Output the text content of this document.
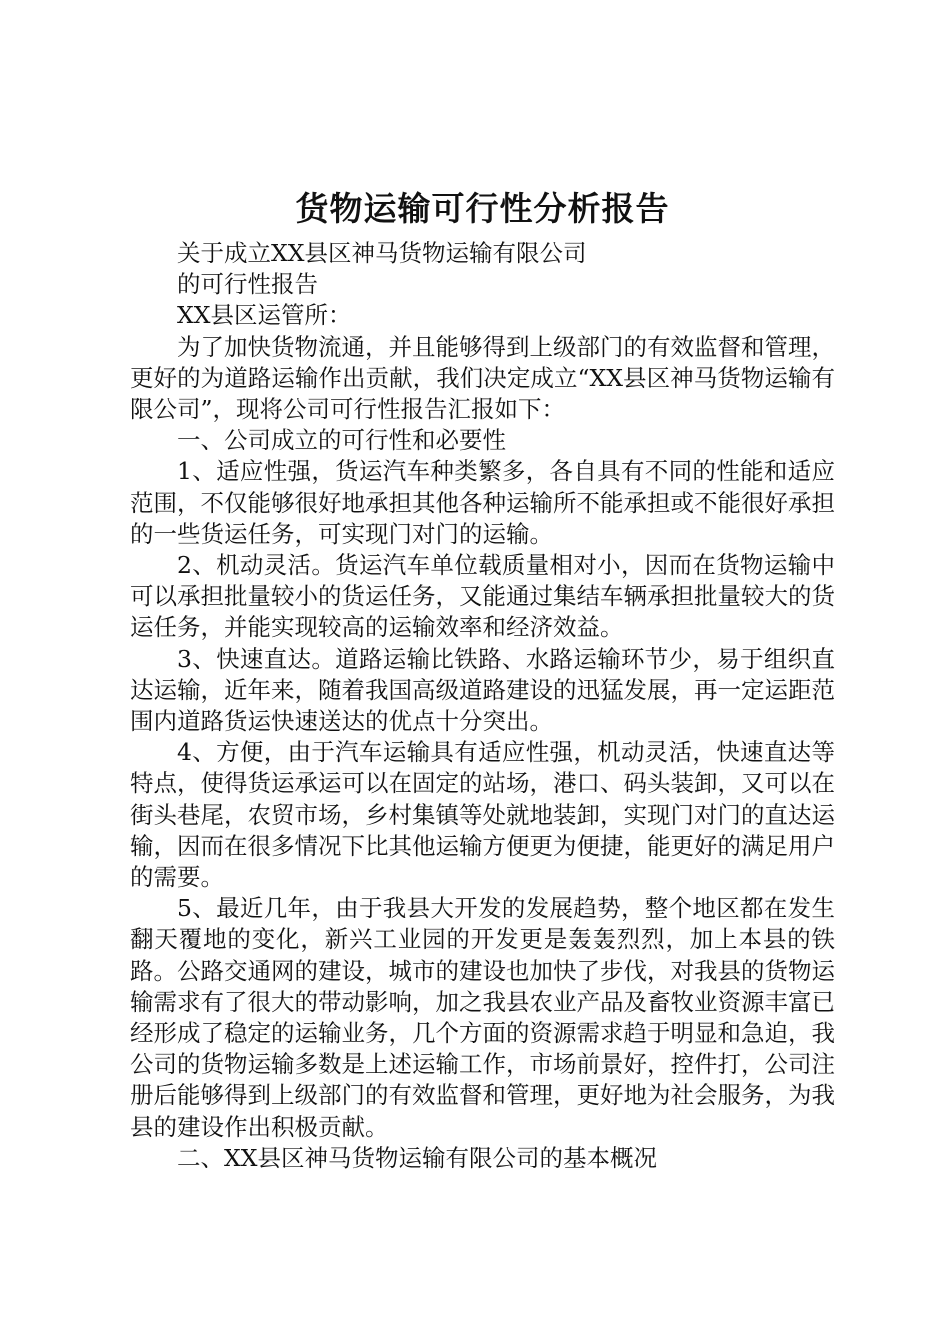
货物运输可行性分析报告

关于成立XX县区神马货物运输有限公司

的可行性报告

XX县区运管所：

为了加快货物流通，并且能够得到上级部门的有效监督和管理，更好的为道路运输作出贡献，我们决定成立“XX县区神马货物运输有限公司”，现将公司可行性报告汇报如下：

一、公司成立的可行性和必要性

1、适应性强，货运汽车种类繁多，各自具有不同的性能和适应范围，不仅能够很好地承担其他各种运输所不能承担或不能很好承担的一些货运任务，可实现门对门的运输。

2、机动灵活。货运汽车单位载质量相对小，因而在货物运输中可以承担批量较小的货运任务，又能通过集结车辆承担批量较大的货运任务，并能实现较高的运输效率和经济效益。

3、快速直达。道路运输比铁路、水路运输环节少，易于组织直达运输，近年来，随着我国高级道路建设的迅猛发展，再一定运距范围内道路货运快速送达的优点十分突出。

4、方便，由于汽车运输具有适应性强，机动灵活，快速直达等特点，使得货运承运可以在固定的站场，港口、码头装卸，又可以在街头巷尾，农贸市场，乡村集镇等处就地装卸，实现门对门的直达运输，因而在很多情况下比其他运输方便更为便捷，能更好的满足用户的需要。

5、最近几年，由于我县大开发的发展趋势，整个地区都在发生翻天覆地的变化，新兴工业园的开发更是轰轰烈烈，加上本县的铁路。公路交通网的建设，城市的建设也加快了步伐，对我县的货物运输需求有了很大的带动影响，加之我县农业产品及畜牧业资源丰富已经形成了稳定的运输业务，几个方面的资源需求趋于明显和急迫，我公司的货物运输多数是上述运输工作，市场前景好，控件打，公司注册后能够得到上级部门的有效监督和管理，更好地为社会服务，为我县的建设作出积极贡献。

二、XX县区神马货物运输有限公司的基本概况
